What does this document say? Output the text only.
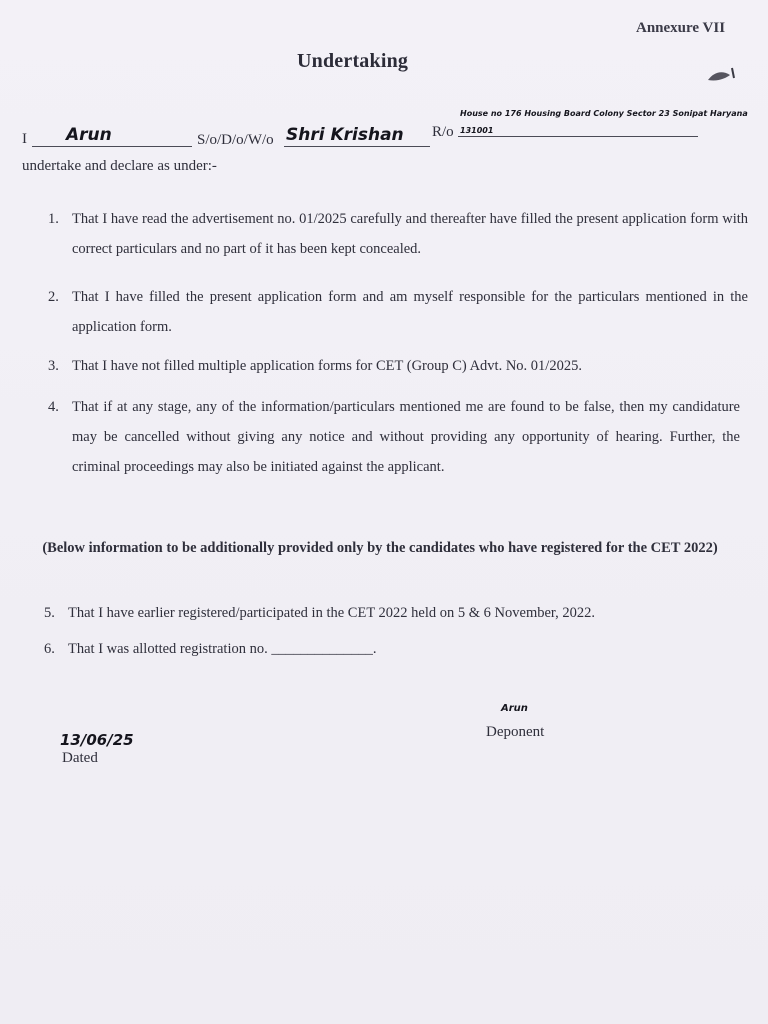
Annexure VII
Undertaking
I Arun	S/o/D/o/W/o Shri Krishan R/o
House no 176 Housing Board Colony Sector 23 Sonipat Haryana
131001
undertake and declare as under:-
1. That I have read the advertisement no. 01/2025 carefully and thereafter have filled the present application form with correct particulars and no part of it has been kept concealed.
2. That I have filled the present application form and am myself responsible for the particulars mentioned in the application form.
3. That I have not filled multiple application forms for CET (Group C) Advt. No. 01/2025.
4. That if at any stage, any of the information/particulars mentioned me are found to be false, then my candidature may be cancelled without giving any notice and without providing any opportunity of hearing. Further, the criminal proceedings may also be initiated against the applicant.
(Below information to be additionally provided only by the candidates who have registered for the CET 2022)
5. That I have earlier registered/participated in the CET 2022 held on 5 & 6 November, 2022.
6. That I was allotted registration no. ______________.
Arun
Deponent
13/06/25
Dated
